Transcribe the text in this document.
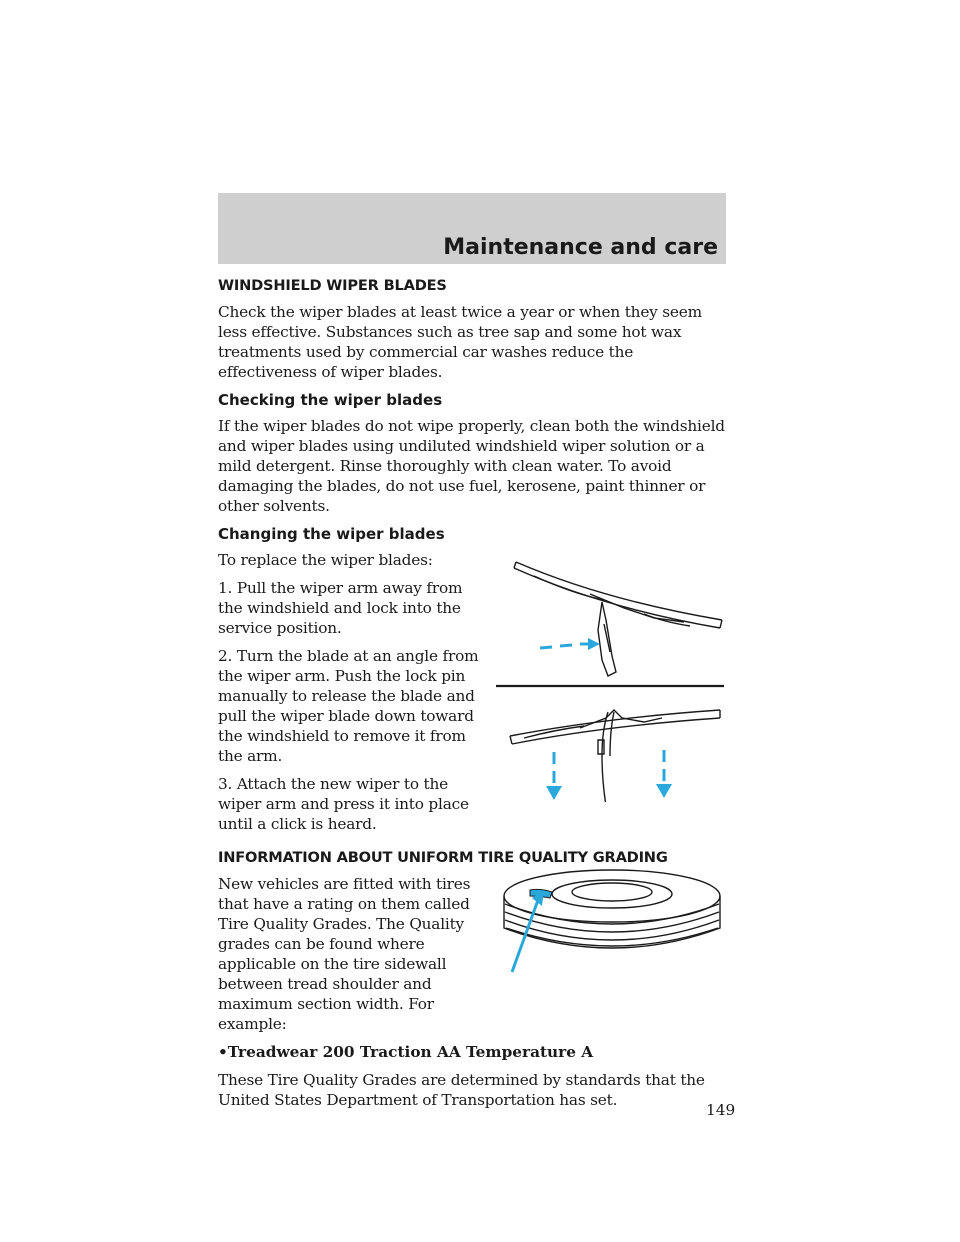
Maintenance and care
WINDSHIELD WIPER BLADES

Check the wiper blades at least twice a year or when they seem less effective. Substances such as tree sap and some hot wax treatments used by commercial car washes reduce the effectiveness of wiper blades.

Checking the wiper blades

If the wiper blades do not wipe properly, clean both the windshield and wiper blades using undiluted windshield wiper solution or a mild detergent. Rinse thoroughly with clean water. To avoid damaging the blades, do not use fuel, kerosene, paint thinner or other solvents.

Changing the wiper blades

To replace the wiper blades:

1. Pull the wiper arm away from the windshield and lock into the service position.

2. Turn the blade at an angle from the wiper arm. Push the lock pin manually to release the blade and pull the wiper blade down toward the windshield to remove it from the arm.

3. Attach the new wiper to the wiper arm and press it into place until a click is heard.

INFORMATION ABOUT UNIFORM TIRE QUALITY GRADING

New vehicles are fitted with tires that have a rating on them called Tire Quality Grades. The Quality grades can be found where applicable on the tire sidewall between tread shoulder and maximum section width. For example:

•Treadwear 200 Traction AA Temperature A

These Tire Quality Grades are determined by standards that the United States Department of Transportation has set.

149
